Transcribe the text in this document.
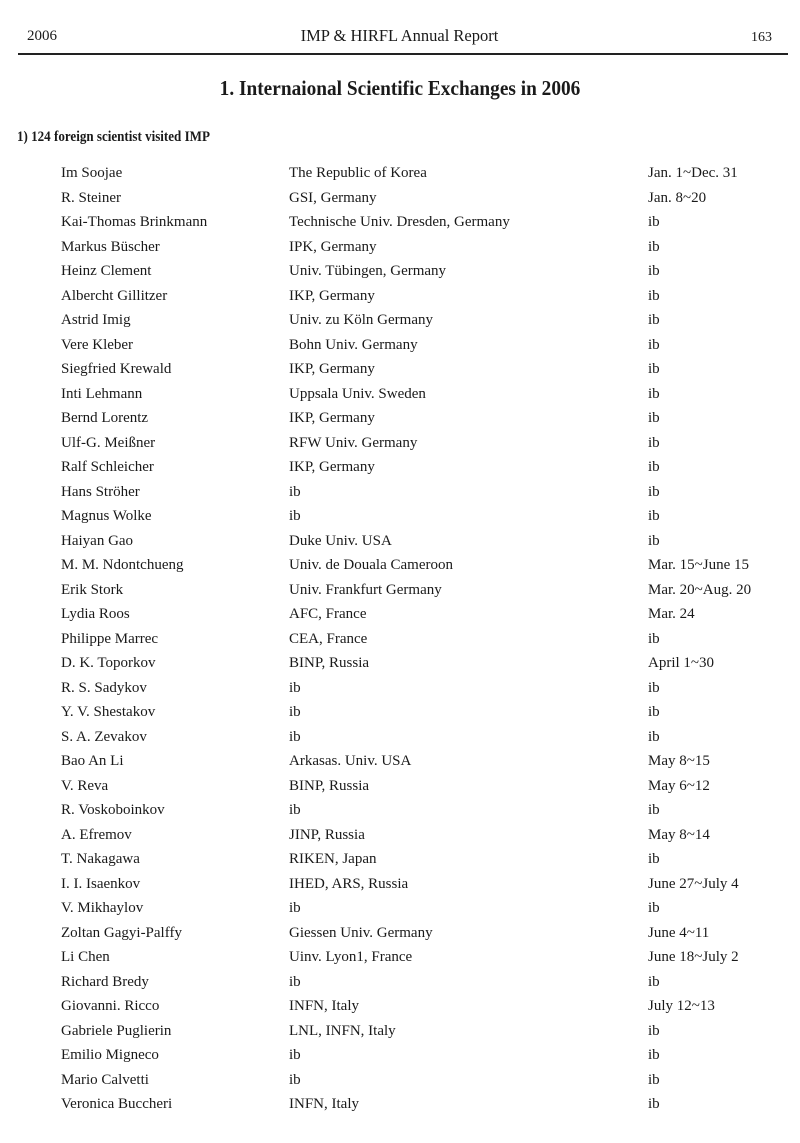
2006	IMP & HIRFL Annual Report	163
1. Internaional Scientific Exchanges in 2006
1) 124 foreign scientist visited IMP
Im Soojae	The Republic of Korea	Jan. 1~Dec. 31
R. Steiner	GSI, Germany	Jan. 8~20
Kai-Thomas Brinkmann	Technische Univ. Dresden, Germany	ib
Markus Büscher	IPK, Germany	ib
Heinz Clement	Univ. Tübingen, Germany	ib
Albercht Gillitzer	IKP, Germany	ib
Astrid Imig	Univ. zu Köln Germany	ib
Vere Kleber	Bohn Univ. Germany	ib
Siegfried Krewald	IKP, Germany	ib
Inti Lehmann	Uppsala Univ. Sweden	ib
Bernd Lorentz	IKP, Germany	ib
Ulf-G. Meißner	RFW Univ. Germany	ib
Ralf Schleicher	IKP, Germany	ib
Hans Ströher	ib	ib
Magnus Wolke	ib	ib
Haiyan Gao	Duke Univ. USA	ib
M. M. Ndontchueng	Univ. de Douala Cameroon	Mar. 15~June 15
Erik Stork	Univ. Frankfurt Germany	Mar. 20~Aug. 20
Lydia Roos	AFC, France	Mar. 24
Philippe Marrec	CEA, France	ib
D. K. Toporkov	BINP, Russia	April 1~30
R. S. Sadykov	ib	ib
Y. V. Shestakov	ib	ib
S. A. Zevakov	ib	ib
Bao An Li	Arkasas. Univ. USA	May 8~15
V. Reva	BINP, Russia	May 6~12
R. Voskoboinkov	ib	ib
A. Efremov	JINP, Russia	May 8~14
T. Nakagawa	RIKEN, Japan	ib
I. I. Isaenkov	IHED, ARS, Russia	June 27~July 4
V. Mikhaylov	ib	ib
Zoltan Gagyi-Palffy	Giessen Univ. Germany	June 4~11
Li Chen	Uinv. Lyon1, France	June 18~July 2
Richard Bredy	ib	ib
Giovanni. Ricco	INFN, Italy	July 12~13
Gabriele Puglierin	LNL, INFN, Italy	ib
Emilio Migneco	ib	ib
Mario Calvetti	ib	ib
Veronica Buccheri	INFN, Italy	ib
